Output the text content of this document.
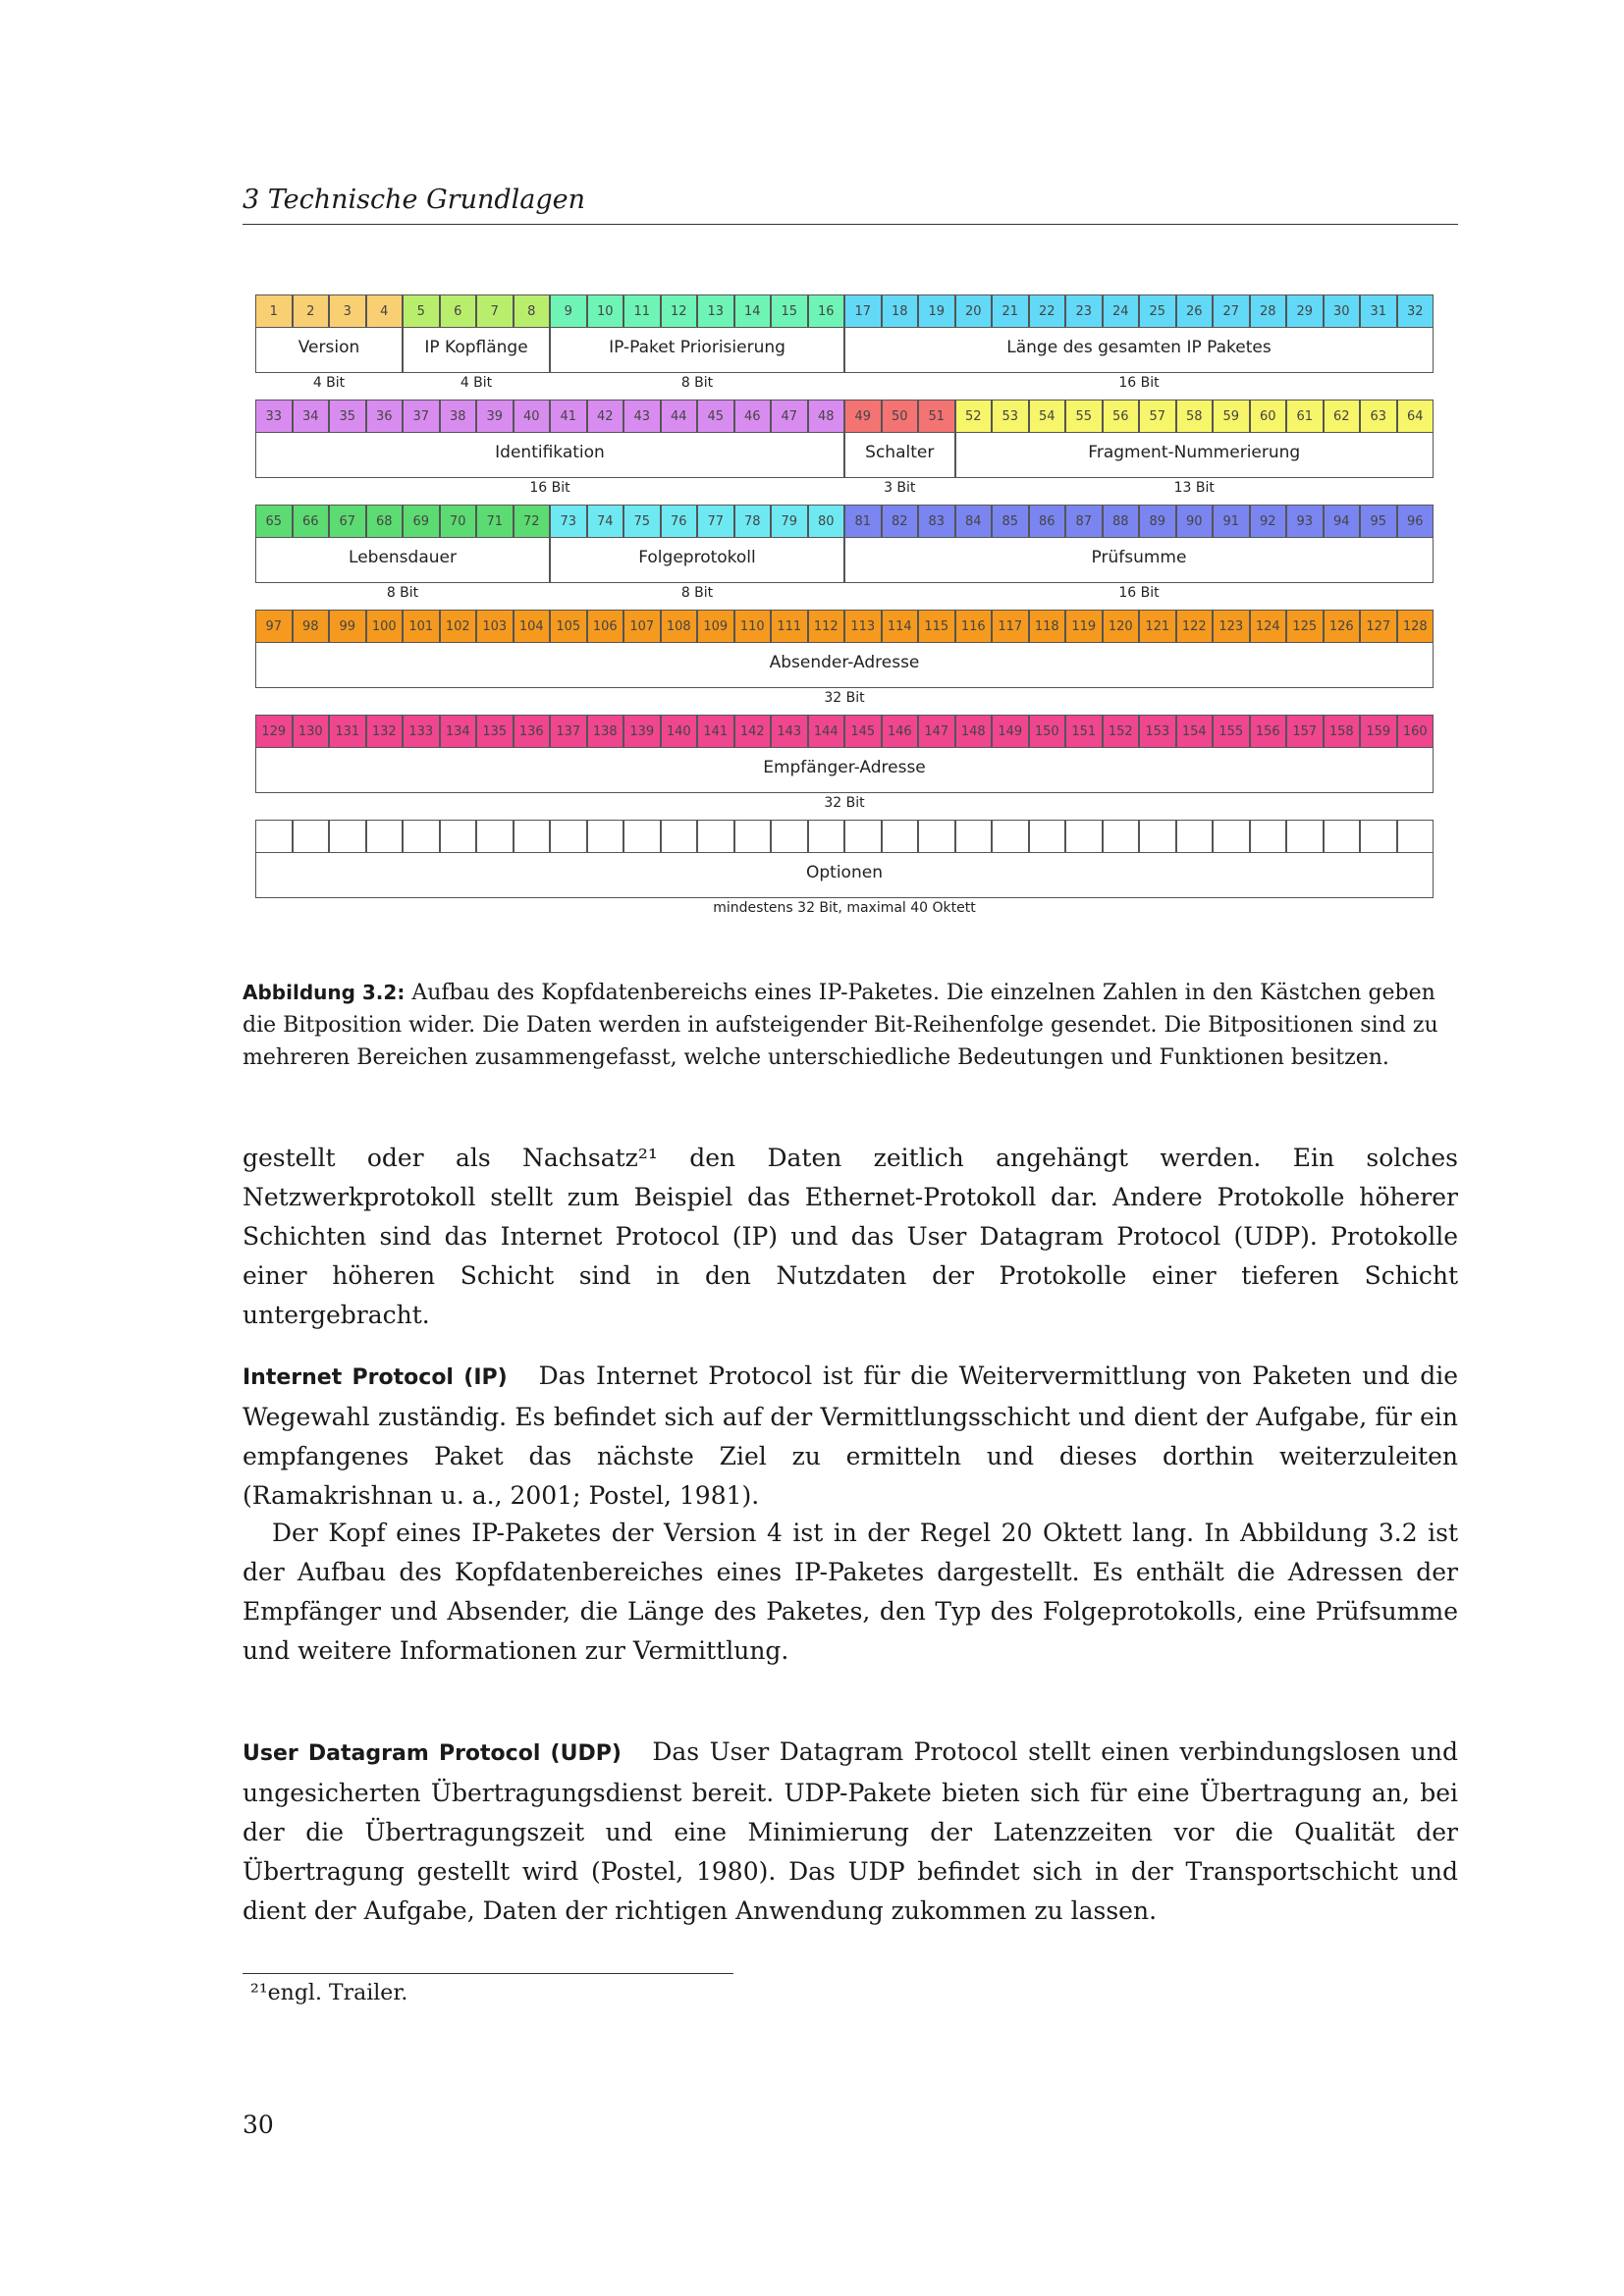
3 Technische Grundlagen
1	2	3	4	5	6	7	8	9	10	11	12	13	14	15	16	17	18	19	20	21	22	23	24	25	26	27	28	29	30	31	32
Version
4 Bit
IP Kopflänge
4 Bit
IP-Paket Priorisierung
8 Bit
Länge des gesamten IP Paketes
16 Bit
33	34	35	36	37	38	39	40	41	42	43	44	45	46	47	48	49	50	51	52	53	54	55	56	57	58	59	60	61	62	63	64
Identifikation
16 Bit
Schalter
3 Bit
Fragment-Nummerierung
13 Bit
65	66	67	68	69	70	71	72	73	74	75	76	77	78	79	80	81	82	83	84	85	86	87	88	89	90	91	92	93	94	95	96
Lebensdauer
8 Bit
Folgeprotokoll
8 Bit
Prüfsumme
16 Bit
97	98	99	100 101 102 103 104 105 106 107 108 109 110 111 112 113 114 115 116 117 118 119 120 121 122 123 124 125 126 127 128
Absender-Adresse
32 Bit
129 130 131 132 133 134 135 136 137 138 139 140 141 142 143 144 145 146 147 148 149 150 151 152 153 154 155 156 157 158 159 160
Empfänger-Adresse
32 Bit
Optionen
mindestens 32 Bit, maximal 40 Oktett
Abbildung 3.2: Aufbau des Kopfdatenbereichs eines IP-Paketes. Die einzelnen Zahlen in den Kästchen geben die Bitposition wider. Die Daten werden in aufsteigender Bit-Reihenfolge gesendet. Die Bitpositionen sind zu mehreren Bereichen zusammengefasst, welche unterschiedliche Bedeutungen und Funktionen besitzen.
gestellt oder als Nachsatz²¹ den Daten zeitlich angehängt werden. Ein solches Netzwerkprotokoll stellt zum Beispiel das Ethernet-Protokoll dar. Andere Protokolle höherer Schichten sind das Internet Protocol (IP) und das User Datagram Protocol (UDP). Protokolle einer höheren Schicht sind in den Nutzdaten der Protokolle einer tieferen Schicht untergebracht.
Internet Protocol (IP) Das Internet Protocol ist für die Weitervermittlung von Paketen und die Wegewahl zuständig. Es befindet sich auf der Vermittlungsschicht und dient der Aufgabe, für ein empfangenes Paket das nächste Ziel zu ermitteln und dieses dorthin weiterzuleiten (Ramakrishnan u. a., 2001; Postel, 1981).
Der Kopf eines IP-Paketes der Version 4 ist in der Regel 20 Oktett lang. In Abbildung 3.2 ist der Aufbau des Kopfdatenbereiches eines IP-Paketes dargestellt. Es enthält die Adressen der Empfänger und Absender, die Länge des Paketes, den Typ des Folgeprotokolls, eine Prüfsumme und weitere Informationen zur Vermittlung.
User Datagram Protocol (UDP) Das User Datagram Protocol stellt einen verbindungslosen und ungesicherten Übertragungsdienst bereit. UDP-Pakete bieten sich für eine Übertragung an, bei der die Übertragungszeit und eine Minimierung der Latenzzeiten vor die Qualität der Übertragung gestellt wird (Postel, 1980). Das UDP befindet sich in der Transportschicht und dient der Aufgabe, Daten der richtigen Anwendung zukommen zu lassen.
²¹engl. Trailer.
30
